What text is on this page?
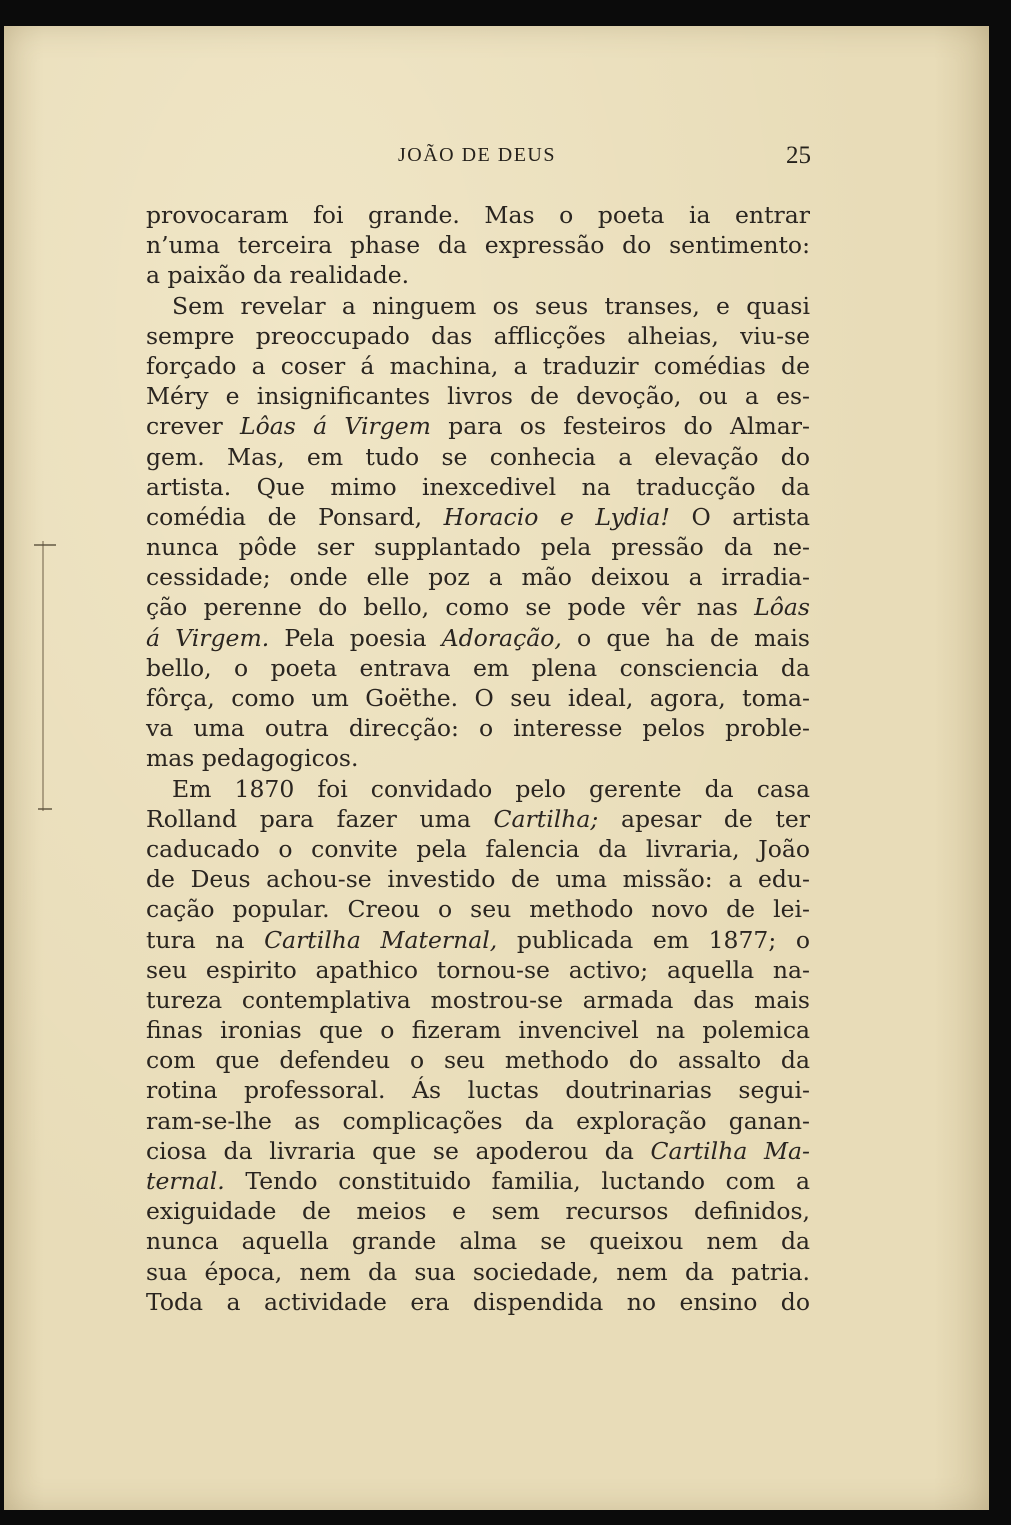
JOÃO DE DEUS	25
provocaram foi grande. Mas o poeta ia entrar
n’uma terceira phase da expressão do sentimento:
a paixão da realidade.
Sem revelar a ninguem os seus transes, e quasi
sempre preoccupado das afflicções alheias, viu-se
forçado a coser á machina, a traduzir comédias de
Méry e insignificantes livros de devoção, ou a es-
crever Lôas á Virgem para os festeiros do Almar-
gem. Mas, em tudo se conhecia a elevação do
artista. Que mimo inexcedivel na traducção da
comédia de Ponsard, Horacio e Lydia! O artista
nunca pôde ser supplantado pela pressão da ne-
cessidade; onde elle poz a mão deixou a irradia-
ção perenne do bello, como se pode vêr nas Lôas
á Virgem. Pela poesia Adoração, o que ha de mais
bello, o poeta entrava em plena consciencia da
fôrça, como um Goëthe. O seu ideal, agora, toma-
va uma outra direcção: o interesse pelos proble-
mas pedagogicos.
Em 1870 foi convidado pelo gerente da casa
Rolland para fazer uma Cartilha; apesar de ter
caducado o convite pela falencia da livraria, João
de Deus achou-se investido de uma missão: a edu-
cação popular. Creou o seu methodo novo de lei-
tura na Cartilha Maternal, publicada em 1877; o
seu espirito apathico tornou-se activo; aquella na-
tureza contemplativa mostrou-se armada das mais
finas ironias que o fizeram invencivel na polemica
com que defendeu o seu methodo do assalto da
rotina professoral. Ás luctas doutrinarias segui-
ram-se-lhe as complicações da exploração ganan-
ciosa da livraria que se apoderou da Cartilha Ma-
ternal. Tendo constituido familia, luctando com a
exiguidade de meios e sem recursos definidos,
nunca aquella grande alma se queixou nem da
sua época, nem da sua sociedade, nem da patria.
Toda a actividade era dispendida no ensino do
